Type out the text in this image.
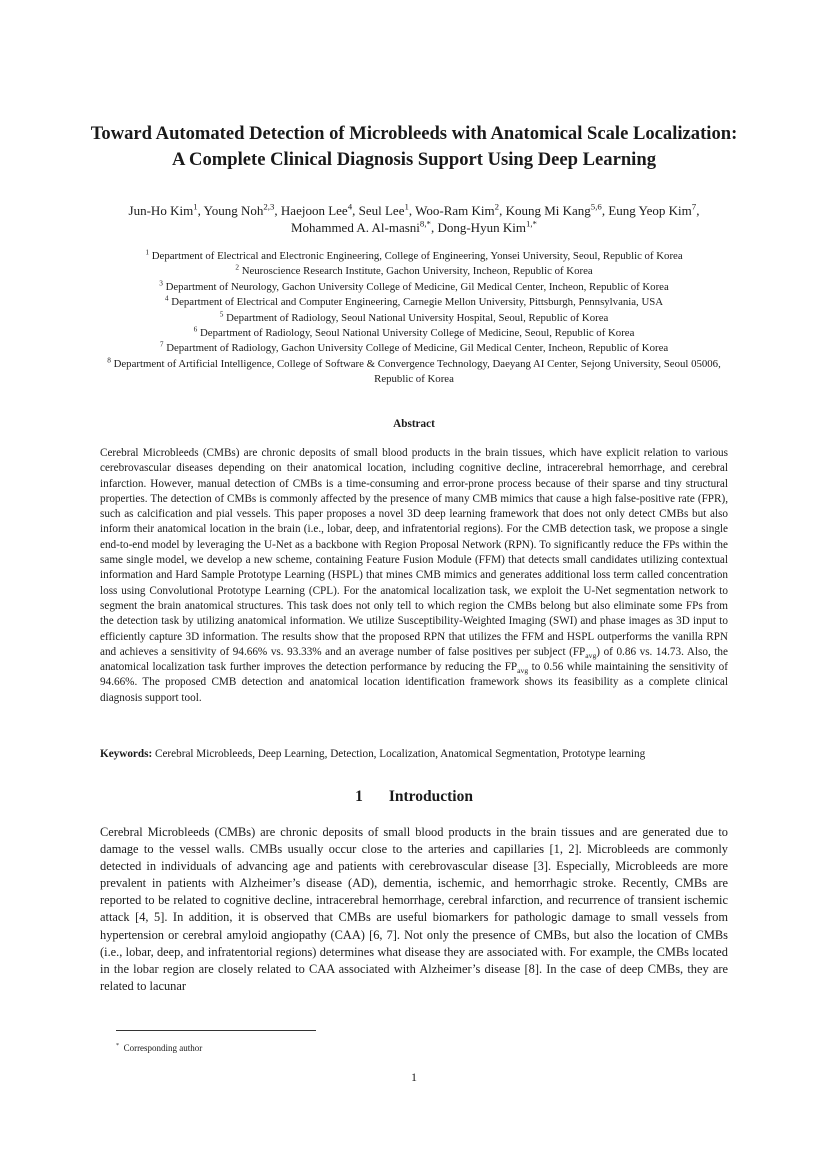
Toward Automated Detection of Microbleeds with Anatomical Scale Localization: A Complete Clinical Diagnosis Support Using Deep Learning
Jun-Ho Kim$^1$, Young Noh$^{2,3}$, Haejoon Lee$^4$, Seul Lee$^1$, Woo-Ram Kim$^2$, Koung Mi Kang$^{5,6}$, Eung Yeop Kim$^7$, Mohammed A. Al-masni$^{8,*}$, Dong-Hyun Kim$^{1,*}$
$^1$ Department of Electrical and Electronic Engineering, College of Engineering, Yonsei University, Seoul, Republic of Korea
$^2$ Neuroscience Research Institute, Gachon University, Incheon, Republic of Korea
$^3$ Department of Neurology, Gachon University College of Medicine, Gil Medical Center, Incheon, Republic of Korea
$^4$ Department of Electrical and Computer Engineering, Carnegie Mellon University, Pittsburgh, Pennsylvania, USA
$^5$ Department of Radiology, Seoul National University Hospital, Seoul, Republic of Korea
$^6$ Department of Radiology, Seoul National University College of Medicine, Seoul, Republic of Korea
$^7$ Department of Radiology, Gachon University College of Medicine, Gil Medical Center, Incheon, Republic of Korea
$^8$ Department of Artificial Intelligence, College of Software & Convergence Technology, Daeyang AI Center, Sejong University, Seoul 05006, Republic of Korea
Abstract

Cerebral Microbleeds (CMBs) are chronic deposits of small blood products in the brain tissues, which have explicit relation to various cerebrovascular diseases depending on their anatomical location, including cognitive decline, intracerebral hemorrhage, and cerebral infarction. However, manual detection of CMBs is a time-consuming and error-prone process because of their sparse and tiny structural properties. The detection of CMBs is commonly affected by the presence of many CMB mimics that cause a high false-positive rate (FPR), such as calcification and pial vessels. This paper proposes a novel 3D deep learning framework that does not only detect CMBs but also inform their anatomical location in the brain (i.e., lobar, deep, and infratentorial regions). For the CMB detection task, we propose a single end-to-end model by leveraging the U-Net as a backbone with Region Proposal Network (RPN). To significantly reduce the FPs within the same single model, we develop a new scheme, containing Feature Fusion Module (FFM) that detects small candidates utilizing contextual information and Hard Sample Prototype Learning (HSPL) that mines CMB mimics and generates additional loss term called concentration loss using Convolutional Prototype Learning (CPL). For the anatomical localization task, we exploit the U-Net segmentation network to segment the brain anatomical structures. This task does not only tell to which region the CMBs belong but also eliminate some FPs from the detection task by utilizing anatomical information. We utilize Susceptibility-Weighted Imaging (SWI) and phase images as 3D input to efficiently capture 3D information. The results show that the proposed RPN that utilizes the FFM and HSPL outperforms the vanilla RPN and achieves a sensitivity of 94.66% vs. 93.33% and an average number of false positives per subject $(FP_{avg})$ of 0.86 vs. 14.73. Also, the anatomical localization task further improves the detection performance by reducing the $FP_{avg}$ to 0.56 while maintaining the sensitivity of 94.66%. The proposed CMB detection and anatomical location identification framework shows its feasibility as a complete clinical diagnosis support tool.

Keywords: Cerebral Microbleeds, Deep Learning, Detection, Localization, Anatomical Segmentation, Prototype learning

1 Introduction

Cerebral Microbleeds (CMBs) are chronic deposits of small blood products in the brain tissues and are generated due to damage to the vessel walls. CMBs usually occur close to the arteries and capillaries [1, 2]. Microbleeds are commonly detected in individuals of advancing age and patients with cerebrovascular disease [3]. Especially, Microbleeds are more prevalent in patients with Alzheimer’s disease (AD), dementia, ischemic, and hemorrhagic stroke. Recently, CMBs are reported to be related to cognitive decline, intracerebral hemorrhage, cerebral infarction, and recurrence of transient ischemic attack [4, 5]. In addition, it is observed that CMBs are useful biomarkers for pathologic damage to small vessels from hypertension or cerebral amyloid angiopathy (CAA) [6, 7]. Not only the presence of CMBs, but also the location of CMBs (i.e., lobar, deep, and infratentorial regions) determines what disease they are associated with. For example, the CMBs located in the lobar region are closely related to CAA associated with Alzheimer’s disease [8]. In the case of deep CMBs, they are related to lacunar

* Corresponding author
1
